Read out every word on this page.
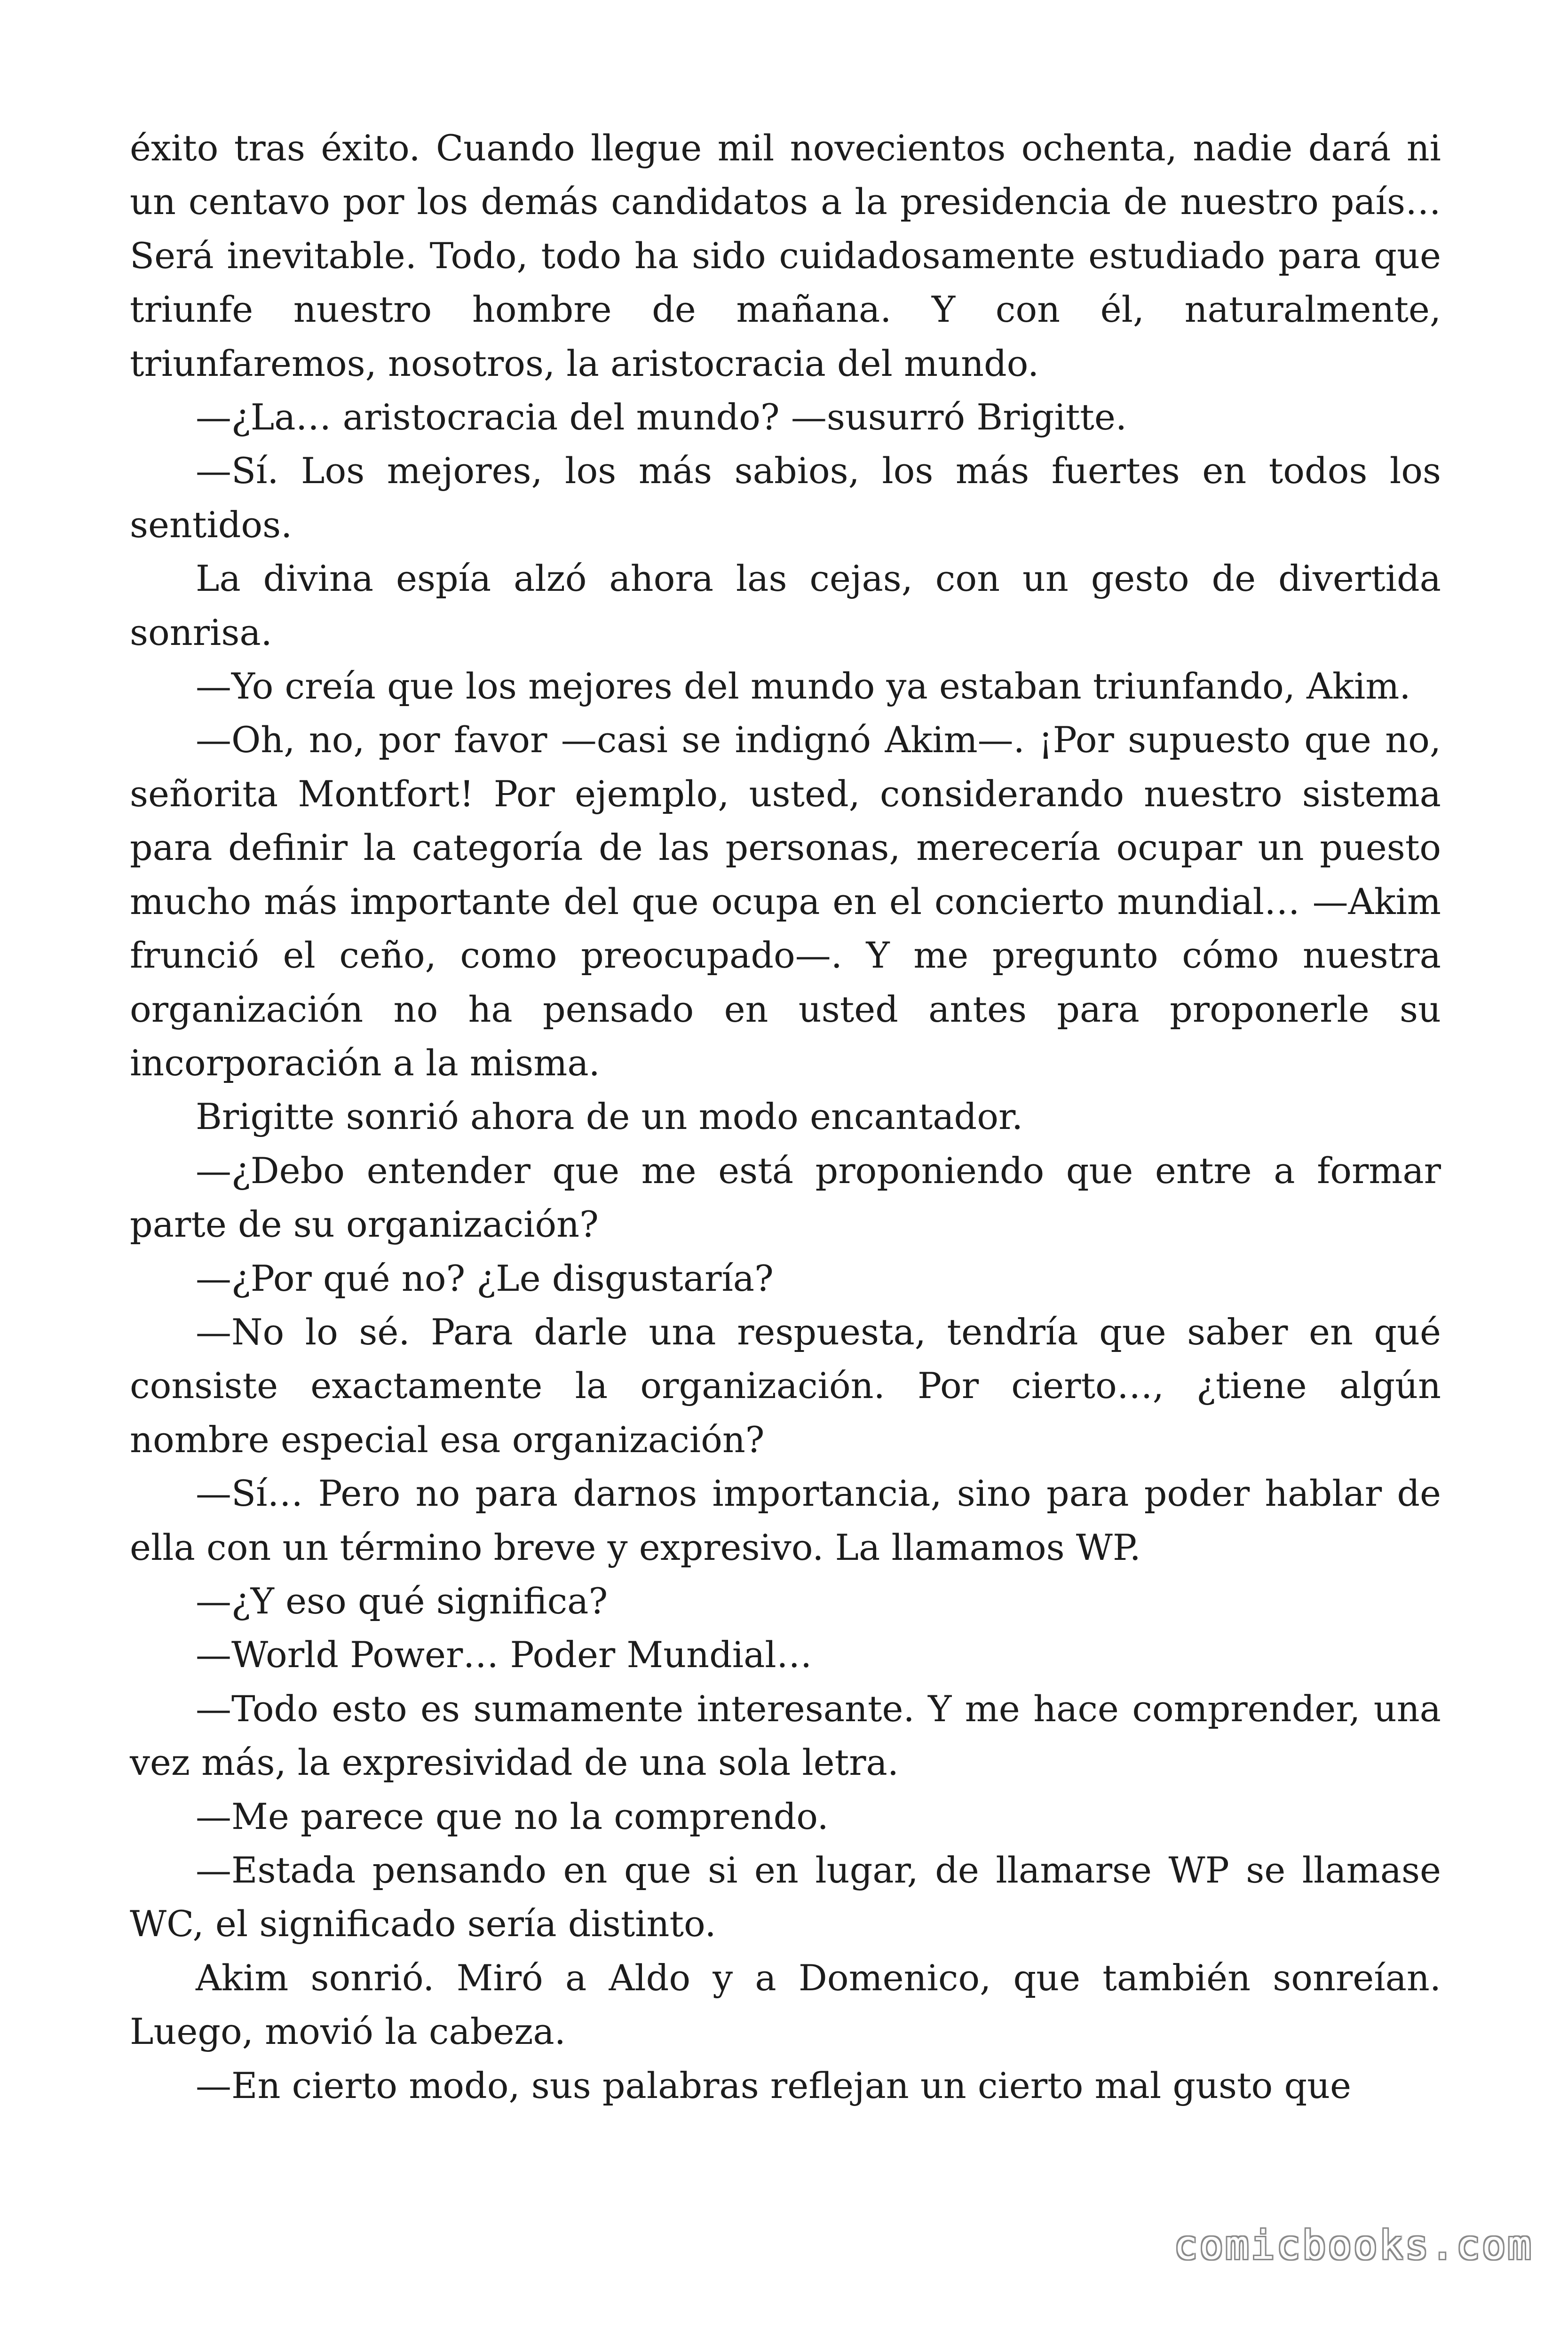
éxito tras éxito. Cuando llegue mil novecientos ochenta, nadie dará ni un centavo por los demás candidatos a la presidencia de nuestro país… Será inevitable. Todo, todo ha sido cuidadosamente estudiado para que triunfe nuestro hombre de mañana. Y con él, naturalmente, triunfaremos, nosotros, la aristocracia del mundo.

—¿La… aristocracia del mundo? —susurró Brigitte.

—Sí. Los mejores, los más sabios, los más fuertes en todos los sentidos.

La divina espía alzó ahora las cejas, con un gesto de divertida sonrisa.

—Yo creía que los mejores del mundo ya estaban triunfando, Akim.

—Oh, no, por favor —casi se indignó Akim—. ¡Por supuesto que no, señorita Montfort! Por ejemplo, usted, considerando nuestro sistema para definir la categoría de las personas, merecería ocupar un puesto mucho más importante del que ocupa en el concierto mundial… —Akim frunció el ceño, como preocupado—. Y me pregunto cómo nuestra organización no ha pensado en usted antes para proponerle su incorporación a la misma.

Brigitte sonrió ahora de un modo encantador.

—¿Debo entender que me está proponiendo que entre a formar parte de su organización?

—¿Por qué no? ¿Le disgustaría?

—No lo sé. Para darle una respuesta, tendría que saber en qué consiste exactamente la organización. Por cierto…, ¿tiene algún nombre especial esa organización?

—Sí… Pero no para darnos importancia, sino para poder hablar de ella con un término breve y expresivo. La llamamos WP.

—¿Y eso qué significa?

—World Power… Poder Mundial…

—Todo esto es sumamente interesante. Y me hace comprender, una vez más, la expresividad de una sola letra.

—Me parece que no la comprendo.

—Estada pensando en que si en lugar, de llamarse WP se llamase WC, el significado sería distinto.

Akim sonrió. Miró a Aldo y a Domenico, que también sonreían. Luego, movió la cabeza.

—En cierto modo, sus palabras reflejan un cierto mal gusto que

comicbooks.com
